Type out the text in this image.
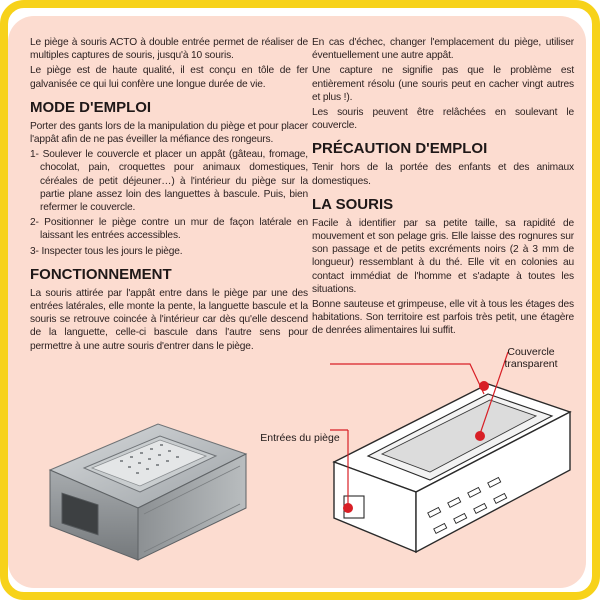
Le piège à souris ACTO à double entrée permet de réaliser de multiples captures de souris, jusqu'à 10 souris.

Le piège est de haute qualité, il est conçu en tôle de fer galvanisée ce qui lui confère une longue durée de vie.

MODE D'EMPLOI

Porter des gants lors de la manipulation du piège et pour placer l'appât afin de ne pas éveiller la méfiance des rongeurs.

1- Soulever le couvercle et placer un appât (gâteau, fromage, chocolat, pain, croquettes pour animaux domestiques, céréales de petit déjeuner…) à l'intérieur du piège sur la partie plane assez loin des languettes à bascule. Puis, bien refermer le couvercle.
2- Positionner le piège contre un mur de façon latérale en laissant les entrées accessibles.
3- Inspecter tous les jours le piège.
FONCTIONNEMENT

La souris attirée par l'appât entre dans le piège par une des entrées latérales, elle monte la pente, la languette bascule et la souris se retrouve coincée à l'intérieur car dès qu'elle descend de la languette, celle-ci bascule dans l'autre sens pour permettre à une autre souris d'entrer dans le piège.

En cas d'échec, changer l'emplacement du piège, utiliser éventuellement une autre appât.

Une capture ne signifie pas que le problème est entièrement résolu (une souris peut en cacher vingt autres et plus !).

Les souris peuvent être relâchées en soulevant le couvercle.

PRÉCAUTION D'EMPLOI

Tenir hors de la portée des enfants et des animaux domestiques.

LA SOURIS

Facile à identifier par sa petite taille, sa rapidité de mouvement et son pelage gris. Elle laisse des rognures sur son passage et de petits excréments noirs (2 à 3 mm de longueur) ressemblant à du thé. Elle vit en colonies au contact immédiat de l'homme et s'adapte à toutes les situations.

Bonne sauteuse et grimpeuse, elle vit à tous les étages des habitations. Son territoire est parfois très petit, une étagère de denrées alimentaires lui suffit.

Couvercle transparent
Entrées du piège
